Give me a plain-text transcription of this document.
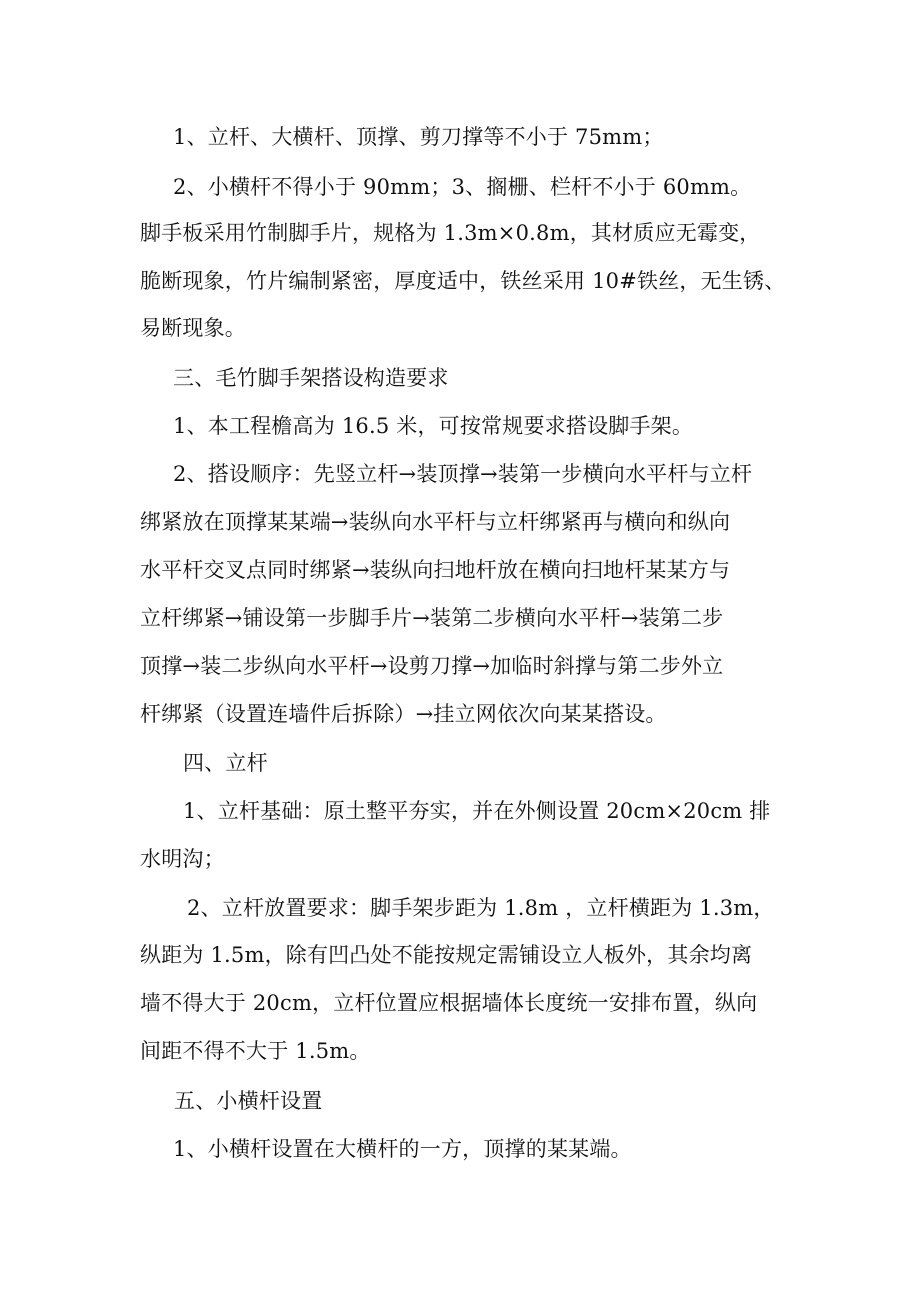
1、立杆、大横杆、顶撑、剪刀撑等不小于 75mm；
2、小横杆不得小于 90mm；3、搁栅、栏杆不小于 60mm。
脚手板采用竹制脚手片，规格为 1.3m×0.8m，其材质应无霉变，
脆断现象，竹片编制紧密，厚度适中，铁丝采用 10#铁丝，无生锈、
易断现象。
三、毛竹脚手架搭设构造要求
1、本工程檐高为 16.5 米，可按常规要求搭设脚手架。
2、搭设顺序：先竖立杆→装顶撑→装第一步横向水平杆与立杆
绑紧放在顶撑某某端→装纵向水平杆与立杆绑紧再与横向和纵向
水平杆交叉点同时绑紧→装纵向扫地杆放在横向扫地杆某某方与
立杆绑紧→铺设第一步脚手片→装第二步横向水平杆→装第二步
顶撑→装二步纵向水平杆→设剪刀撑→加临时斜撑与第二步外立
杆绑紧（设置连墙件后拆除）→挂立网依次向某某搭设。
四、立杆
1、立杆基础：原土整平夯实，并在外侧设置 20cm×20cm 排
水明沟；
2、立杆放置要求：脚手架步距为 1.8m ，立杆横距为 1.3m，
纵距为 1.5m，除有凹凸处不能按规定需铺设立人板外，其余均离
墙不得大于 20cm，立杆位置应根据墙体长度统一安排布置，纵向
间距不得不大于 1.5m。
五、小横杆设置
1、小横杆设置在大横杆的一方，顶撑的某某端。
